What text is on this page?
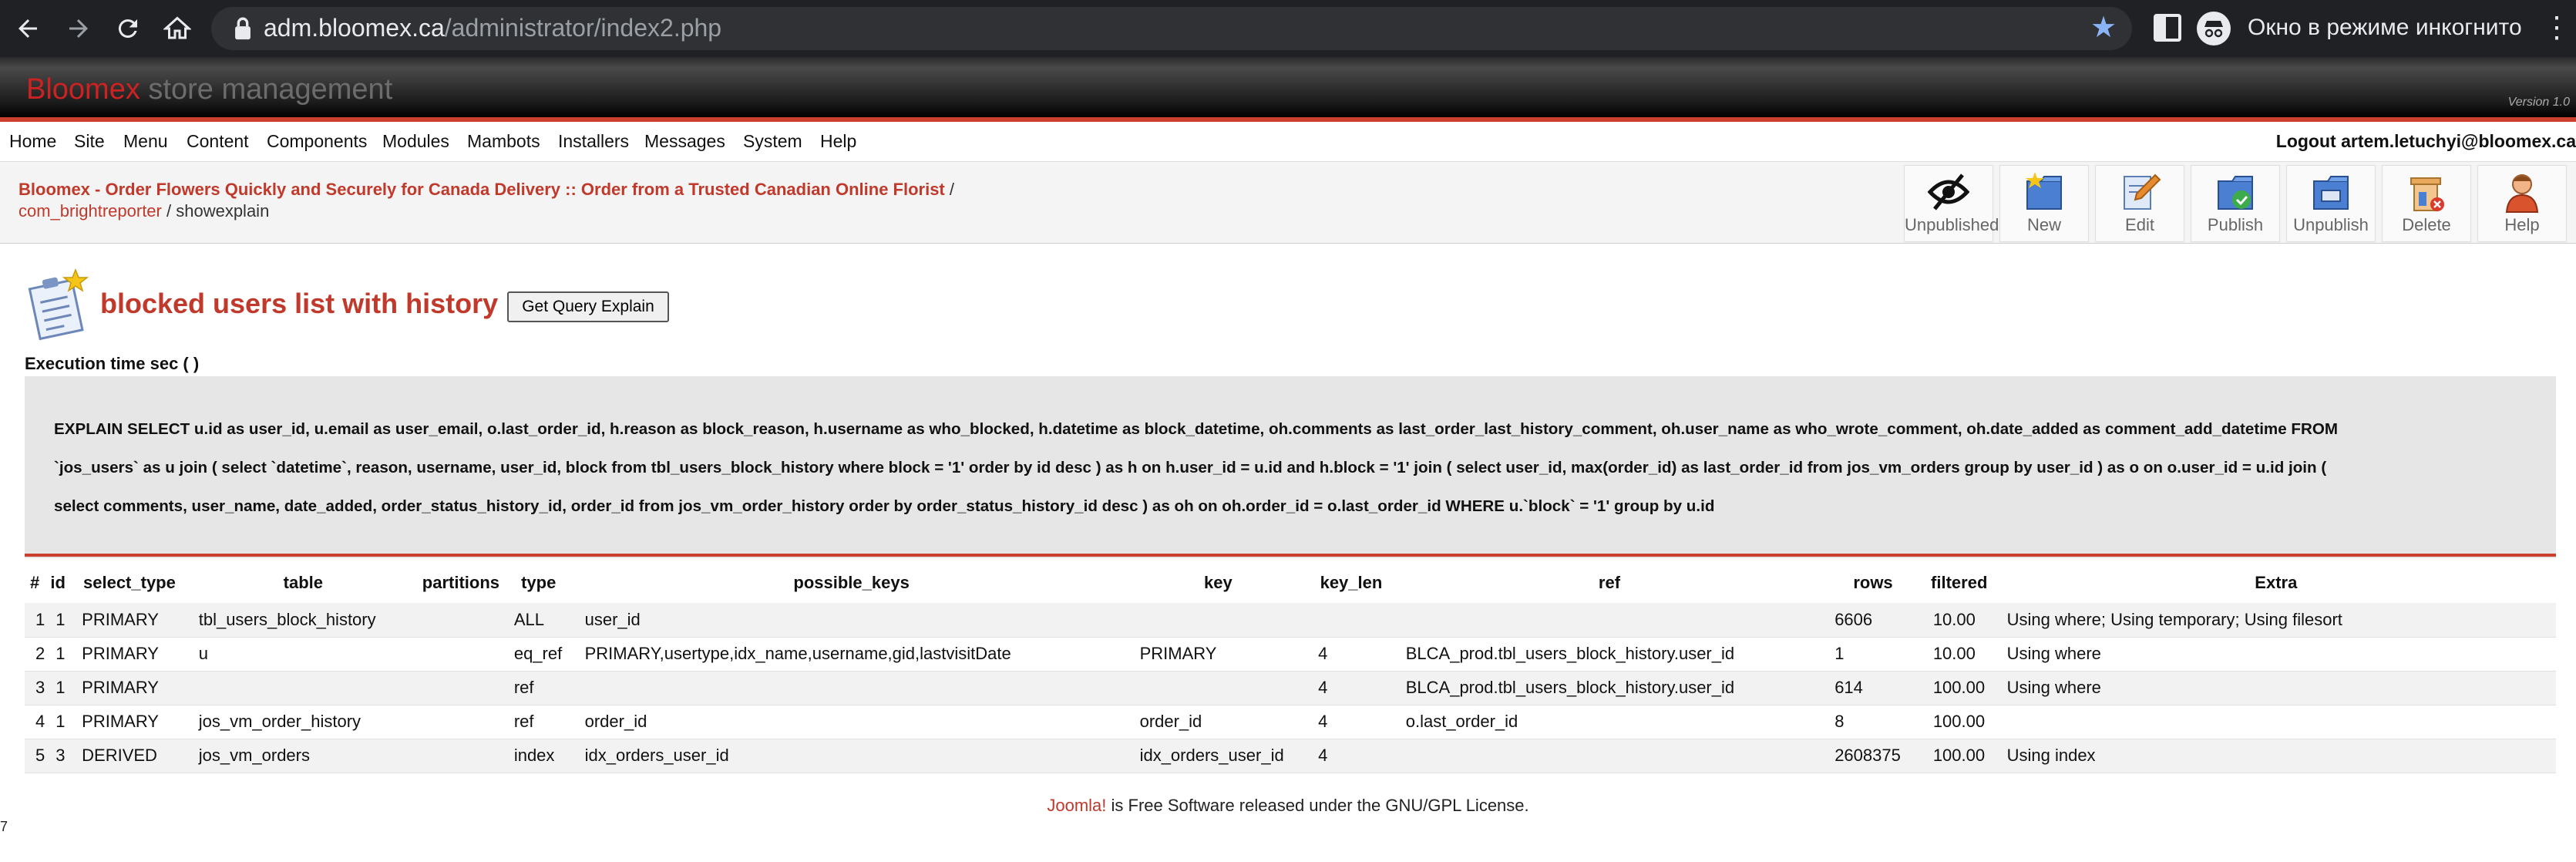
adm.bloomex.ca/administrator/index2.php	★	Окно в режиме инкогнито ⋮
Bloomex store management	Version 1.0
Home Site Menu Content Components Modules Mambots Installers Messages System Help	Logout artem.letuchyi@bloomex.ca
Bloomex - Order Flowers Quickly and Securely for Canada Delivery :: Order from a Trusted Canadian Online Florist /
com_brightreporter / showexplain
Unpublished	New	Edit	Publish	Unpublish	Delete	Help
blocked users list with history	Get Query Explain
Execution time sec ( )
EXPLAIN SELECT u.id as user_id, u.email as user_email, o.last_order_id, h.reason as block_reason, h.username as who_blocked, h.datetime as block_datetime, oh.comments as last_order_last_history_comment, oh.user_name as who_wrote_comment, oh.date_added as comment_add_datetime FROM
`jos_users` as u join ( select `datetime`, reason, username, user_id, block from tbl_users_block_history where block = '1' order by id desc ) as h on h.user_id = u.id and h.block = '1' join ( select user_id, max(order_id) as last_order_id from jos_vm_orders group by user_id ) as o on o.user_id = u.id join (
select comments, user_name, date_added, order_status_history_id, order_id from jos_vm_order_history order by order_status_history_id desc ) as oh on oh.order_id = o.last_order_id WHERE u.`block` = '1' group by u.id
#	id	select_type	table	partitions	type	possible_keys	key	key_len	ref	rows	filtered	Extra
1	1	PRIMARY	tbl_users_block_history		ALL	user_id				6606	10.00	Using where; Using temporary; Using filesort
2	1	PRIMARY	u		eq_ref	PRIMARY,usertype,idx_name,username,gid,lastvisitDate	PRIMARY	4	BLCA_prod.tbl_users_block_history.user_id	1	10.00	Using where
3	1	PRIMARY			ref			4	BLCA_prod.tbl_users_block_history.user_id	614	100.00	Using where
4	1	PRIMARY	jos_vm_order_history		ref	order_id	order_id	4	o.last_order_id	8	100.00	
5	3	DERIVED	jos_vm_orders		index	idx_orders_user_id	idx_orders_user_id	4		2608375	100.00	Using index
Joomla! is Free Software released under the GNU/GPL License.
7
